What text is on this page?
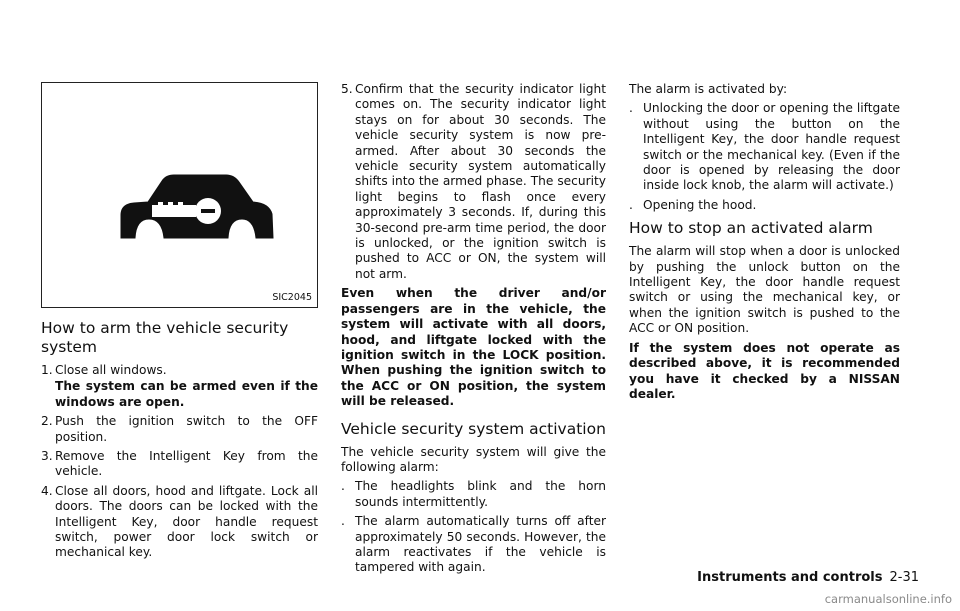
SIC2045
How to arm the vehicle security system
1. Close all windows.
The system can be armed even if the windows are open.
2. Push the ignition switch to the OFF position.
3. Remove the Intelligent Key from the vehicle.
4. Close all doors, hood and liftgate. Lock all doors. The doors can be locked with the Intelligent Key, door handle request switch, power door lock switch or mechanical key.
5. Confirm that the security indicator light comes on. The security indicator light stays on for about 30 seconds. The vehicle security system is now pre-armed. After about 30 seconds the vehicle security system automatically shifts into the armed phase. The security light begins to flash once every approximately 3 seconds. If, during this 30-second pre-arm time period, the door is unlocked, or the ignition switch is pushed to ACC or ON, the system will not arm.

Even when the driver and/or passengers are in the vehicle, the system will activate with all doors, hood, and liftgate locked with the ignition switch in the LOCK position. When pushing the ignition switch to the ACC or ON position, the system will be released.

Vehicle security system activation

The vehicle security system will give the following alarm:

. The headlights blink and the horn sounds intermittently.
. The alarm automatically turns off after approximately 50 seconds. However, the alarm reactivates if the vehicle is tampered with again.

The alarm is activated by:

. Unlocking the door or opening the liftgate without using the button on the Intelligent Key, the door handle request switch or the mechanical key. (Even if the door is opened by releasing the door inside lock knob, the alarm will activate.)
. Opening the hood.
How to stop an activated alarm

The alarm will stop when a door is unlocked by pushing the unlock button on the Intelligent Key, the door handle request switch or using the mechanical key, or when the ignition switch is pushed to the ACC or ON position.

If the system does not operate as described above, it is recommended you have it checked by a NISSAN dealer.

Instruments and controls 2-31
carmanualsonline.info
